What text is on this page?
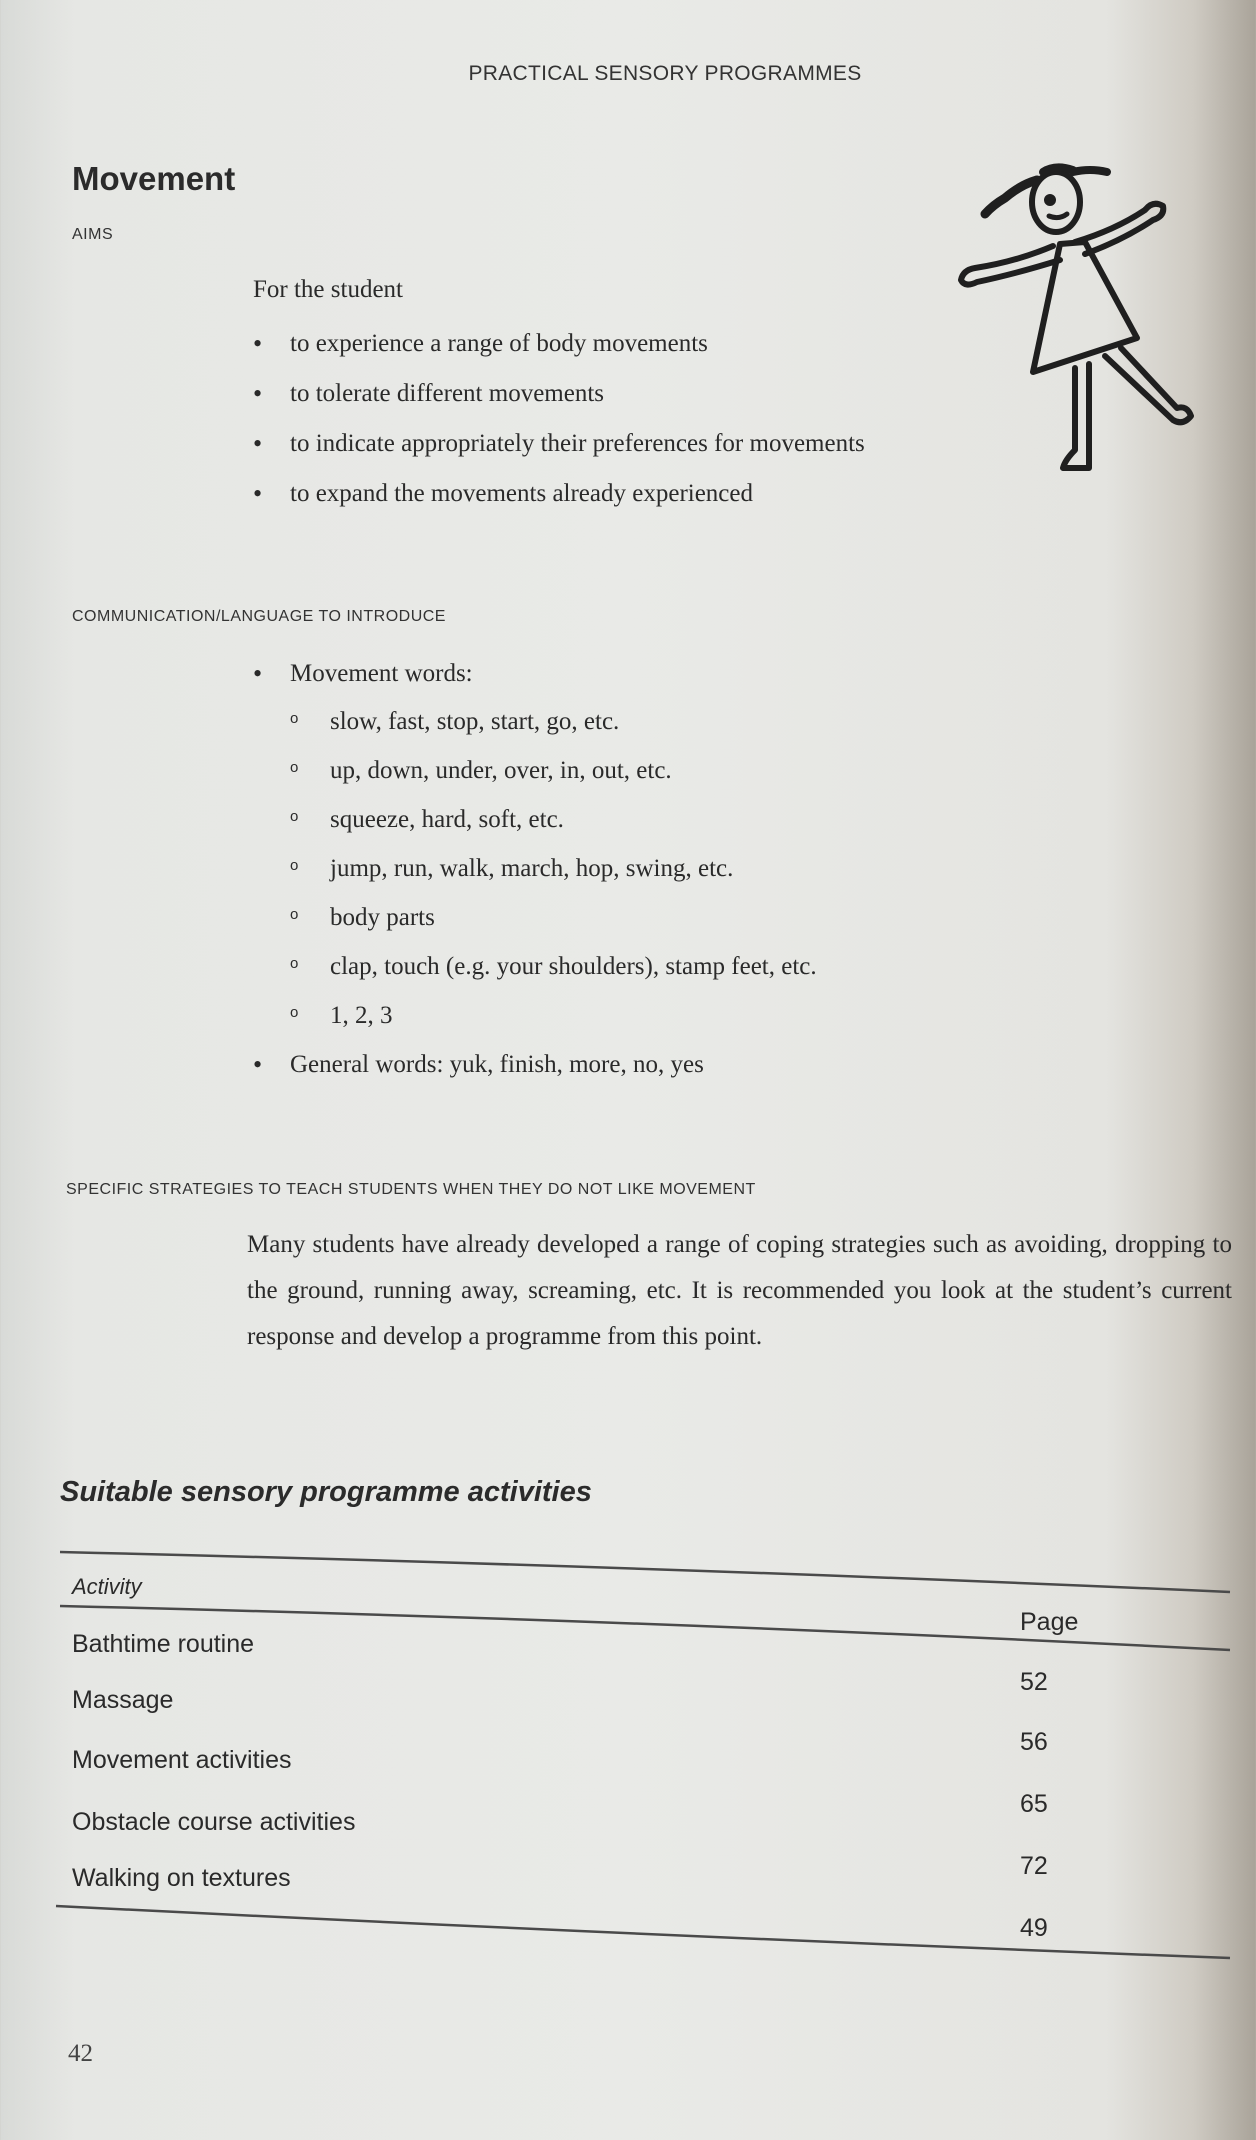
PRACTICAL SENSORY PROGRAMMES
Movement
AIMS
For the student
• to experience a range of body movements
• to tolerate different movements
• to indicate appropriately their preferences for movements
• to expand the movements already experienced
COMMUNICATION/LANGUAGE TO INTRODUCE
• Movement words:
o slow, fast, stop, start, go, etc.
o up, down, under, over, in, out, etc.
o squeeze, hard, soft, etc.
o jump, run, walk, march, hop, swing, etc.
o body parts
o clap, touch (e.g. your shoulders), stamp feet, etc.
o 1, 2, 3
• General words: yuk, finish, more, no, yes
SPECIFIC STRATEGIES TO TEACH STUDENTS WHEN THEY DO NOT LIKE MOVEMENT
Many students have already developed a range of coping strategies such as avoiding, dropping to the ground, running away, screaming, etc. It is recommended you look at the student’s current response and develop a programme from this point.
Suitable sensory programme activities
Activity
Page
Bathtime routine
52
Massage
56
Movement activities
65
Obstacle course activities
72
Walking on textures
49
42
